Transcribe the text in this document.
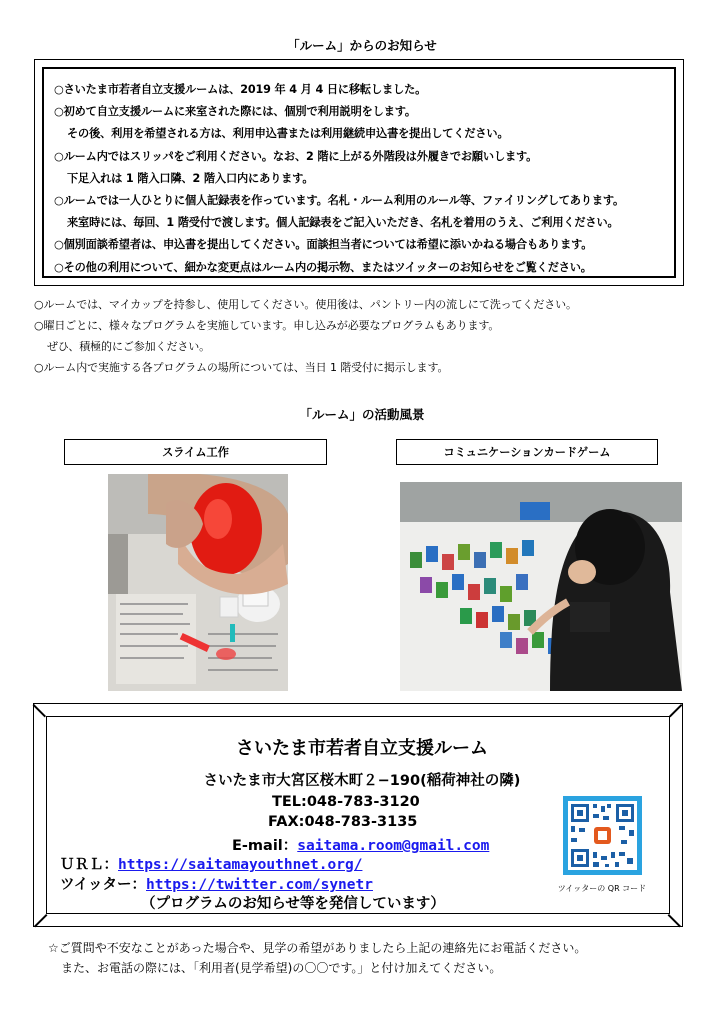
「ルーム」からのお知らせ
○さいたま市若者自立支援ルームは、2019 年 4 月 4 日に移転しました。
○初めて自立支援ルームに来室された際には、個別で利用説明をします。
その後、利用を希望される方は、利用申込書または利用継続申込書を提出してください。
○ルーム内ではスリッパをご利用ください。なお、2 階に上がる外階段は外履きでお願いします。
下足入れは 1 階入口隣、2 階入口内にあります。
○ルームでは一人ひとりに個人記録表を作っています。名札・ルーム利用のルール等、ファイリングしてあります。
来室時には、毎回、1 階受付で渡します。個人記録表をご記入いただき、名札を着用のうえ、ご利用ください。
○個別面談希望者は、申込書を提出してください。面談担当者については希望に添いかねる場合もあります。
○その他の利用について、細かな変更点はルーム内の掲示物、またはツイッターのお知らせをご覧ください。
○ルームでは、マイカップを持参し、使用してください。使用後は、パントリー内の流しにて洗ってください。
○曜日ごとに、様々なプログラムを実施しています。申し込みが必要なプログラムもあります。
ぜひ、積極的にご参加ください。
○ルーム内で実施する各プログラムの場所については、当日 1 階受付に掲示します。
「ルーム」の活動風景
スライム工作	コミュニケーションカードゲーム
さいたま市若者自立支援ルーム
さいたま市大宮区桜木町２−190(稲荷神社の隣)
TEL:048-783-3120
FAX:048-783-3135
E-mail：saitama.room@gmail.com
ＵＲＬ：https://saitamayouthnet.org/
ツイッター：https://twitter.com/synetr
（プログラムのお知らせ等を発信しています）
ツイッターの QR コード
☆ご質問や不安なことがあった場合や、見学の希望がありましたら上記の連絡先にお電話ください。
また、お電話の際には、「利用者(見学希望)の〇〇です。」と付け加えてください。
